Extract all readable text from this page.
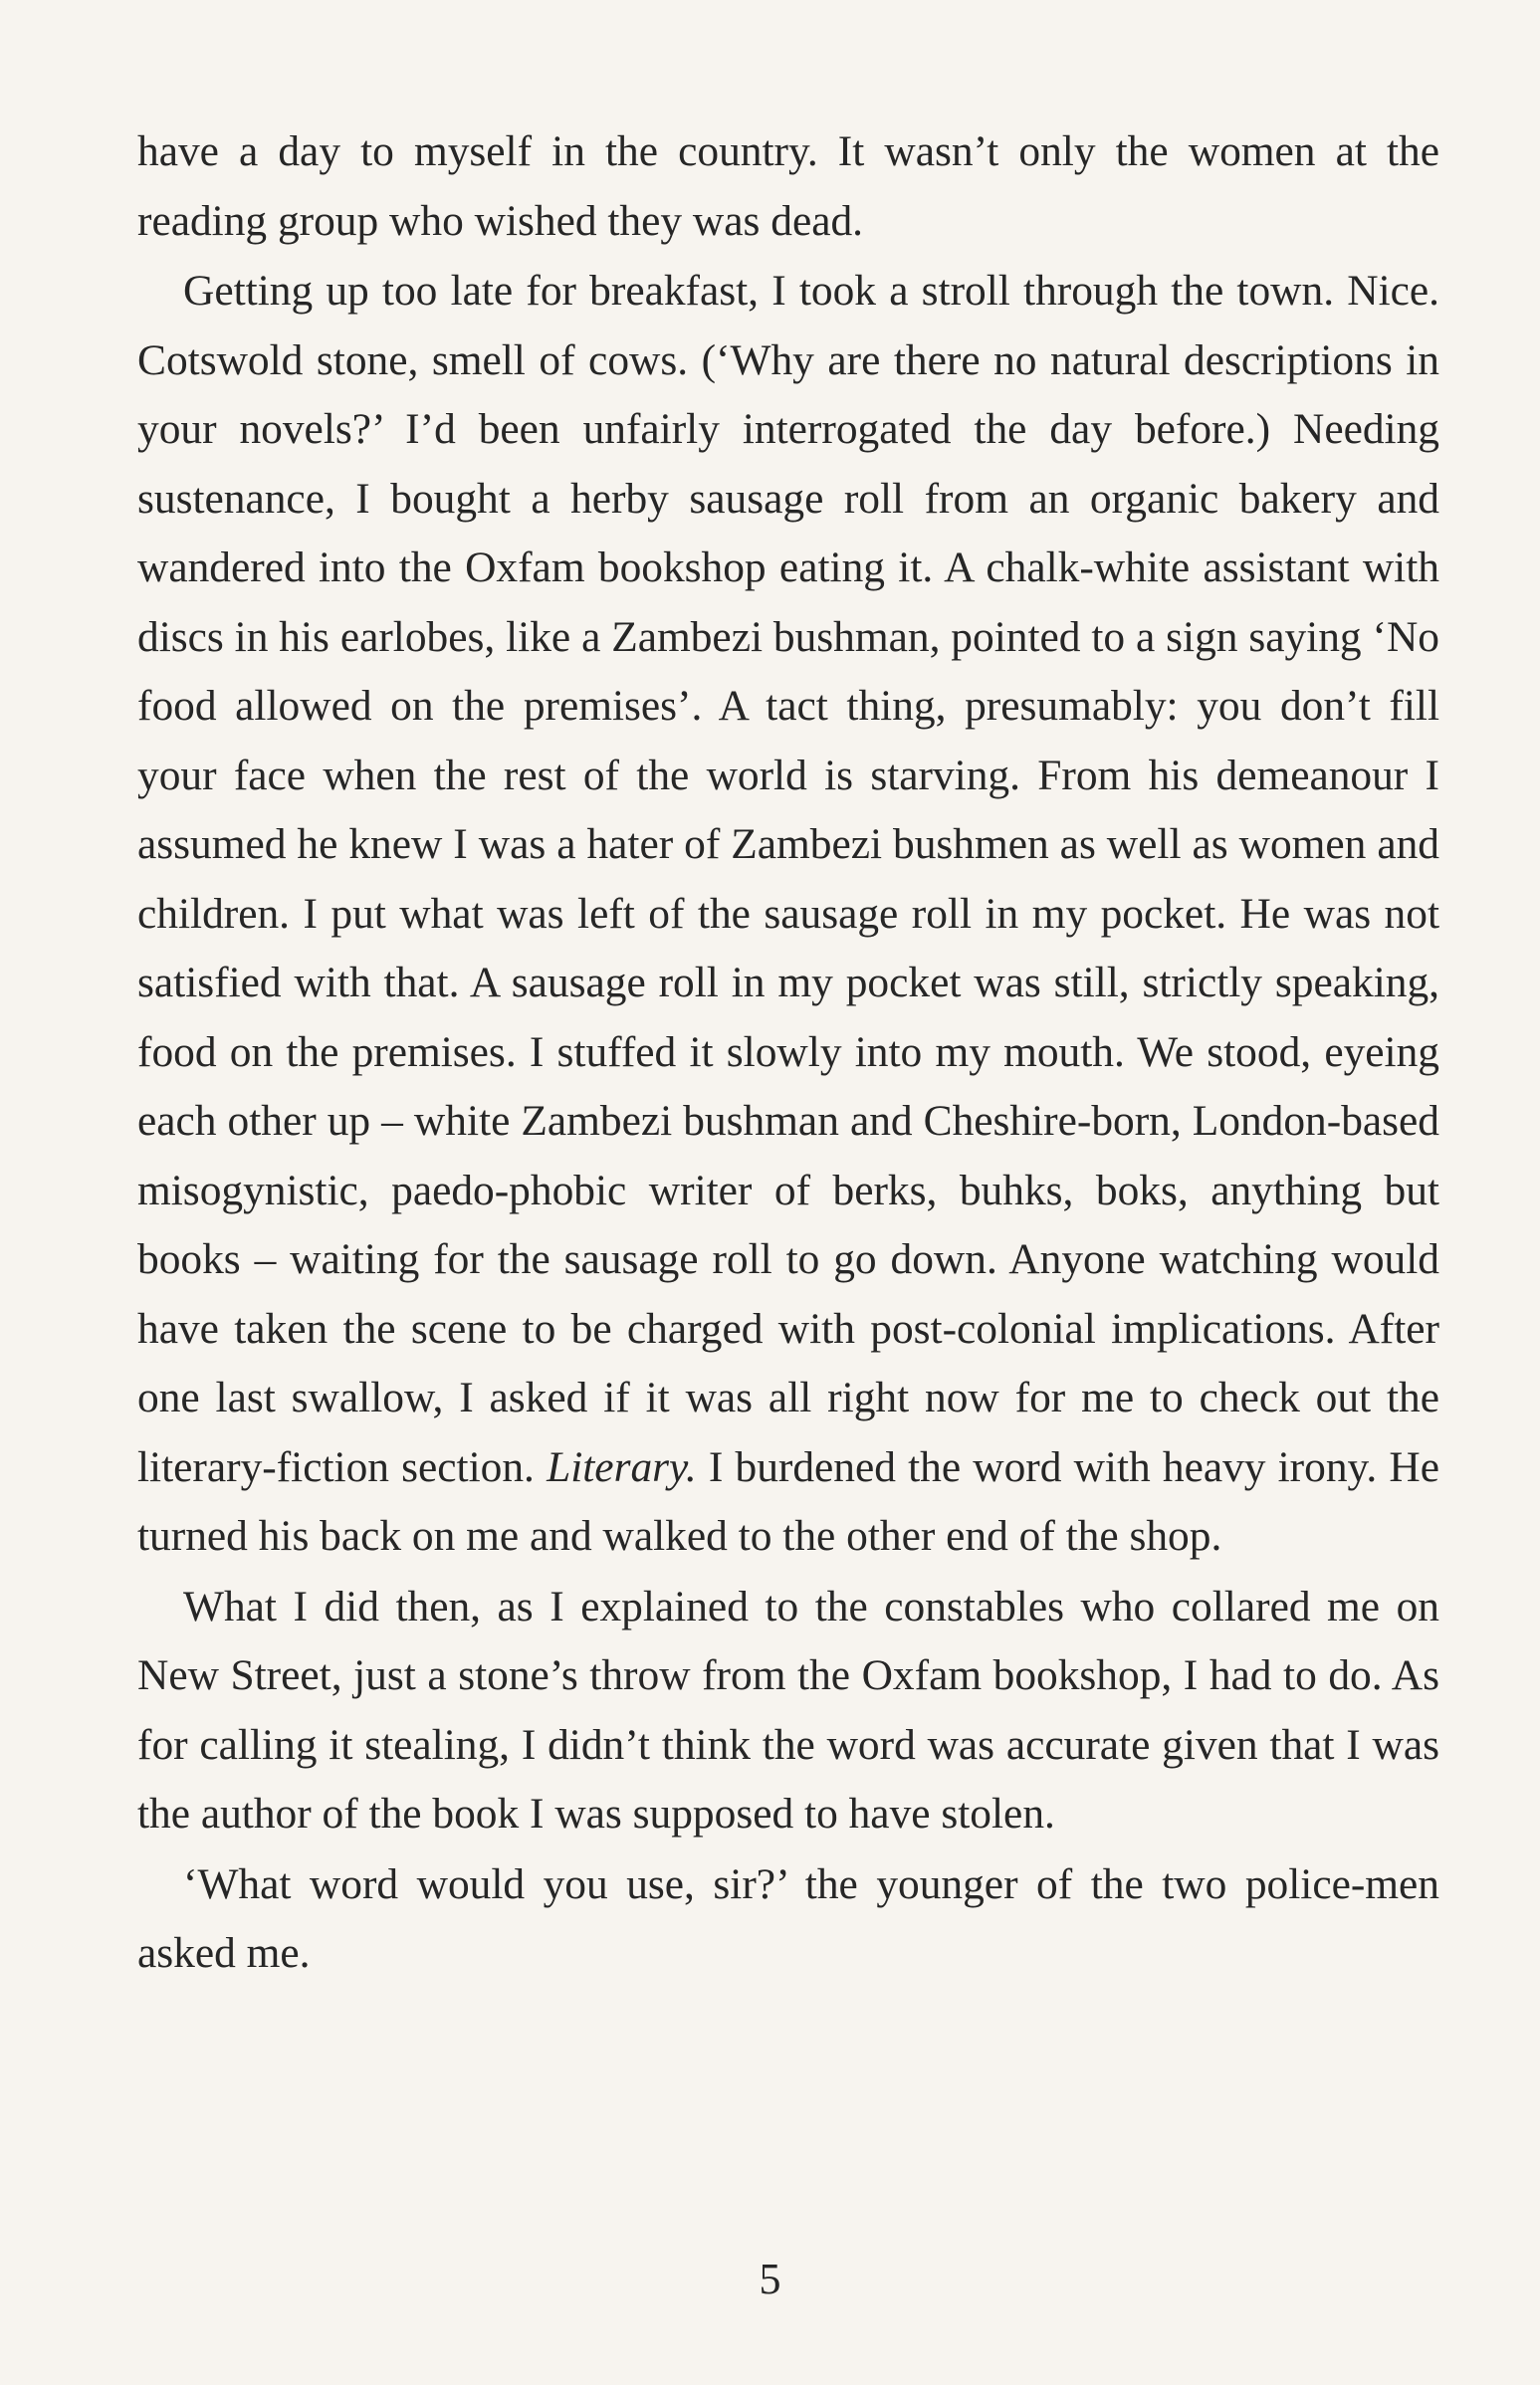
have a day to myself in the country. It wasn’t only the women at the reading group who wished they was dead.

Getting up too late for breakfast, I took a stroll through the town. Nice. Cotswold stone, smell of cows. (‘Why are there no natural descriptions in your novels?’ I’d been unfairly interrogated the day before.) Needing sustenance, I bought a herby sausage roll from an organic bakery and wandered into the Oxfam bookshop eating it. A chalk-white assistant with discs in his earlobes, like a Zambezi bushman, pointed to a sign saying ‘No food allowed on the premises’. A tact thing, presumably: you don’t fill your face when the rest of the world is starving. From his demeanour I assumed he knew I was a hater of Zambezi bushmen as well as women and children. I put what was left of the sausage roll in my pocket. He was not satisfied with that. A sausage roll in my pocket was still, strictly speaking, food on the premises. I stuffed it slowly into my mouth. We stood, eyeing each other up – white Zambezi bushman and Cheshire-born, London-based misogynistic, paedo-phobic writer of berks, buhks, boks, anything but books – waiting for the sausage roll to go down. Anyone watching would have taken the scene to be charged with post-colonial implications. After one last swallow, I asked if it was all right now for me to check out the literary-fiction section. Literary. I burdened the word with heavy irony. He turned his back on me and walked to the other end of the shop.

What I did then, as I explained to the constables who collared me on New Street, just a stone’s throw from the Oxfam bookshop, I had to do. As for calling it stealing, I didn’t think the word was accurate given that I was the author of the book I was supposed to have stolen.

‘What word would you use, sir?’ the younger of the two police-men asked me.

5
